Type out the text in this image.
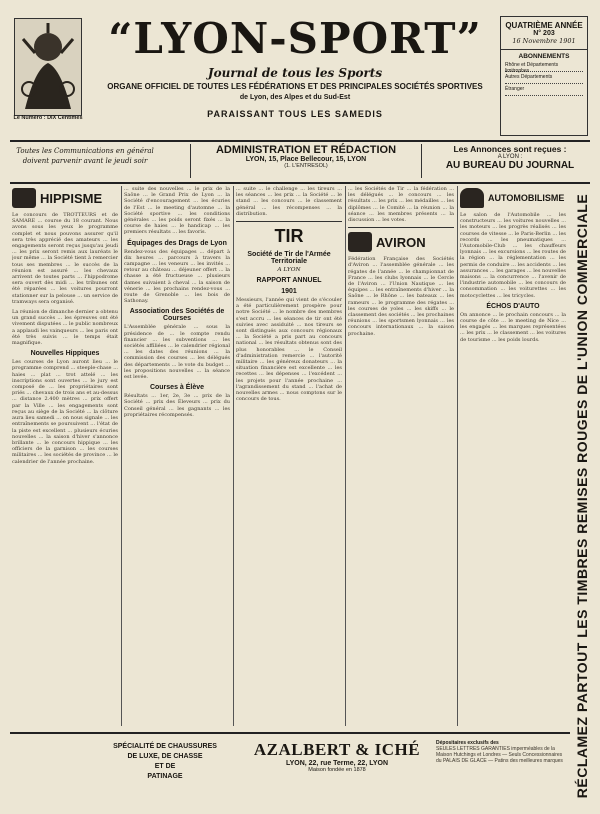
Le Numéro : DIX Centimes
“LYON-SPORT”
Journal de tous les Sports
ORGANE OFFICIEL DE TOUTES LES FÉDÉRATIONS ET DES PRINCIPALES SOCIÉTÉS SPORTIVES
de Lyon, des Alpes et du Sud-Est
PARAISSANT TOUS LES SAMEDIS
QUATRIÈME ANNÉE
N° 203
16 Novembre 1901
ABONNEMENTS
Rhône et Départements limitrophes
Autres Départements
Étranger
Toutes les Communications en général doivent parvenir avant le jeudi soir
ADMINISTRATION ET RÉDACTION
LYON, 15, Place Bellecour, 15, LYON
(1. L'ENTRESOL)
Les Annonces sont reçues :
A LYON :
AU BUREAU DU JOURNAL
HIPPISME
Le concours de TROTTEURS et de SAMARE ... course du 18 courant. Nous avons sous les yeux le programme complet et nous pouvons assurer qu'il sera très apprécié des amateurs ... les engagements seront reçus jusqu'au jeudi ... les prix seront remis aux lauréats le jour même ... la Société tient à remercier tous ses membres ... le succès de la réunion est assuré ... les chevaux arrivent de toutes parts ... l'hippodrome sera ouvert dès midi ... les tribunes ont été réparées ... les voitures pourront stationner sur la pelouse ... un service de tramways sera organisé.
La réunion de dimanche dernier a obtenu un grand succès ... les épreuves ont été vivement disputées ... le public nombreux a applaudi les vainqueurs ... les paris ont été très suivis ... le temps était magnifique.
Nouvelles Hippiques
Les courses de Lyon auront lieu ... le programme comprend ... steeple-chase ... haies ... plat ... trot attelé ... les inscriptions sont ouvertes ... le jury est composé de ... les propriétaires sont priés ... chevaux de trois ans et au-dessus ... distance 2.400 mètres ... prix offert par la Ville ... les engagements sont reçus au siège de la Société ... la clôture aura lieu samedi ... on nous signale ... les entraînements se poursuivent ... l'état de la piste est excellent ... plusieurs écuries nouvelles ... la saison d'hiver s'annonce brillante ... le concours hippique ... les officiers de la garnison ... les courses militaires ... les sociétés de province ... le calendrier de l'année prochaine.
... suite des nouvelles ... le prix de la Saône ... le Grand Prix de Lyon ... la Société d'encouragement ... les écuries de l'Est ... le meeting d'automne ... la Société sportive ... les conditions générales ... les poids seront fixés ... la course de haies ... le handicap ... les premiers résultats ... les favoris.
Équipages des Drags de Lyon
Rendez-vous des équipages ... départ à dix heures ... parcours à travers la campagne ... les veneurs ... les invités ... retour au château ... déjeuner offert ... la chasse a été fructueuse ... plusieurs dames suivaient à cheval ... la saison de vénerie ... les prochains rendez-vous ... route de Grenoble ... les bois de Sathonay.
Association des Sociétés de Courses
L'Assemblée générale ... sous la présidence de ... le compte rendu financier ... les subventions ... les sociétés affiliées ... le calendrier régional ... les dates des réunions ... la commission des courses ... les délégués des départements ... le vote du budget ... les propositions nouvelles ... la séance est levée.
Courses à Élève
Résultats ... 1er, 2e, 3e ... prix de la Société ... prix des Éleveurs ... prix du Conseil général ... les gagnants ... les propriétaires récompensés.
... suite ... le challenge ... les tireurs ... les séances ... les prix ... la Société ... le stand ... les concours ... le classement général ... les récompenses ... la distribution.
TIR
Société de Tir de l'Armée Territoriale
A LYON
RAPPORT ANNUEL
1901
Messieurs, l'année qui vient de s'écouler a été particulièrement prospère pour notre Société ... le nombre des membres s'est accru ... les séances de tir ont été suivies avec assiduité ... nos tireurs se sont distingués aux concours régionaux ... la Société a pris part au concours national ... les résultats obtenus sont des plus honorables ... le Conseil d'administration remercie ... l'autorité militaire ... les généreux donateurs ... la situation financière est excellente ... les recettes ... les dépenses ... l'excédent ... les projets pour l'année prochaine ... l'agrandissement du stand ... l'achat de nouvelles armes ... nous comptons sur le concours de tous.
... les Sociétés de Tir ... la fédération ... les délégués ... le concours ... les résultats ... les prix ... les médailles ... les diplômes ... le Comité ... la réunion ... la séance ... les membres présents ... la discussion ... les votes.
AVIRON
Fédération Française des Sociétés d'Aviron ... l'assemblée générale ... les régates de l'année ... le championnat de France ... les clubs lyonnais ... le Cercle de l'Aviron ... l'Union Nautique ... les équipes ... les entraînements d'hiver ... la Saône ... le Rhône ... les bateaux ... les rameurs ... le programme des régates ... les courses de yoles ... les skiffs ... le classement des sociétés ... les prochaines réunions ... les sportsmen lyonnais ... les concours internationaux ... la saison prochaine.
AUTOMOBILISME
Le salon de l'Automobile ... les constructeurs ... les voitures nouvelles ... les moteurs ... les progrès réalisés ... les courses de vitesse ... le Paris-Berlin ... les records ... les pneumatiques ... l'Automobile-Club ... les chauffeurs lyonnais ... les excursions ... les routes de la région ... la réglementation ... les permis de conduire ... les accidents ... les assurances ... les garages ... les nouvelles maisons ... la concurrence ... l'avenir de l'industrie automobile ... les concours de consommation ... les voiturettes ... les motocyclettes ... les tricycles.
ÉCHOS D'AUTO
On annonce ... le prochain concours ... la course de côte ... le meeting de Nice ... les engagés ... les marques représentées ... les prix ... le classement ... les voitures de tourisme ... les poids lourds.	RÉCLAMEZ PARTOUT LES TIMBRES REMISES ROUGES DE L'UNION COMMERCIALE
SPÉCIALITÉ DE CHAUSSURES
DE LUXE, DE CHASSE
ET DE
PATINAGE
AZALBERT & ICHÉ
LYON, 22, rue Terme, 22, LYON
Maison fondée en 1878
Dépositaires exclusifs des
SEULES LETTRES GARANTIES imperméables de la Maison Hutchings et Londres — Seuls Concessionnaires du PALAIS DE GLACE — Patins des meilleures marques
